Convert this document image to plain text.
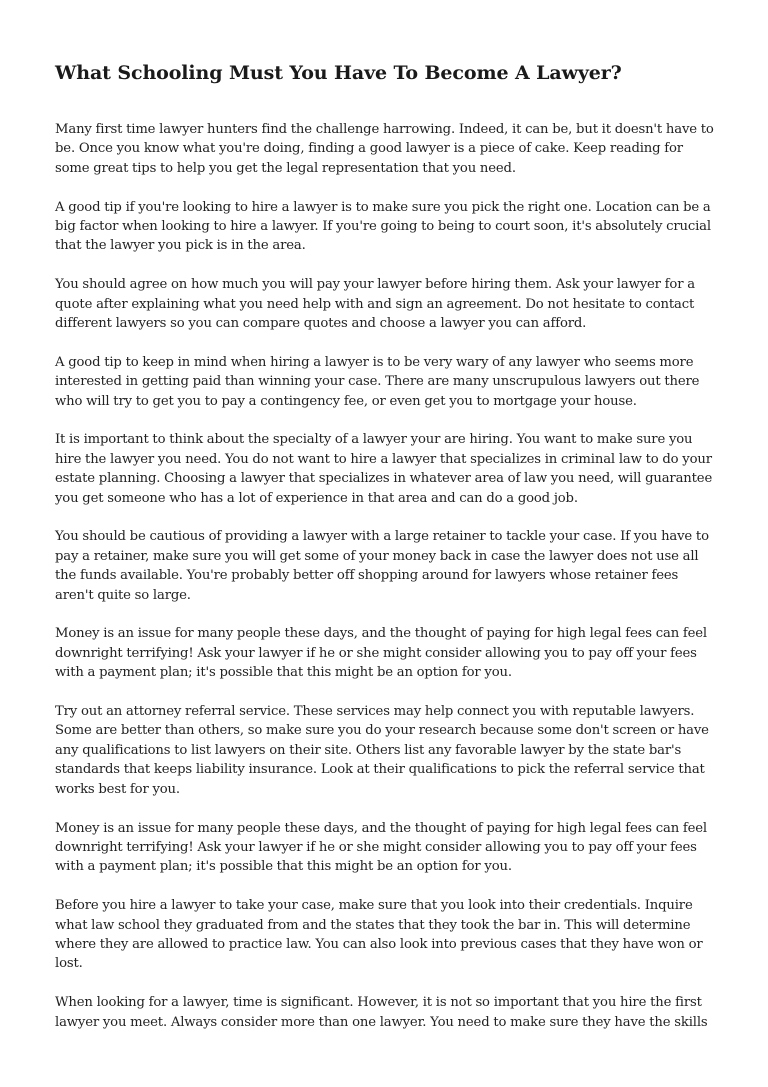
What Schooling Must You Have To Become A Lawyer?

Many first time lawyer hunters find the challenge harrowing. Indeed, it can be, but it doesn't have to be. Once you know what you're doing, finding a good lawyer is a piece of cake. Keep reading for some great tips to help you get the legal representation that you need.

A good tip if you're looking to hire a lawyer is to make sure you pick the right one. Location can be a big factor when looking to hire a lawyer. If you're going to being to court soon, it's absolutely crucial that the lawyer you pick is in the area.

You should agree on how much you will pay your lawyer before hiring them. Ask your lawyer for a quote after explaining what you need help with and sign an agreement. Do not hesitate to contact different lawyers so you can compare quotes and choose a lawyer you can afford.

A good tip to keep in mind when hiring a lawyer is to be very wary of any lawyer who seems more interested in getting paid than winning your case. There are many unscrupulous lawyers out there who will try to get you to pay a contingency fee, or even get you to mortgage your house.

It is important to think about the specialty of a lawyer your are hiring. You want to make sure you hire the lawyer you need. You do not want to hire a lawyer that specializes in criminal law to do your estate planning. Choosing a lawyer that specializes in whatever area of law you need, will guarantee you get someone who has a lot of experience in that area and can do a good job.

You should be cautious of providing a lawyer with a large retainer to tackle your case. If you have to pay a retainer, make sure you will get some of your money back in case the lawyer does not use all the funds available. You're probably better off shopping around for lawyers whose retainer fees aren't quite so large.

Money is an issue for many people these days, and the thought of paying for high legal fees can feel downright terrifying! Ask your lawyer if he or she might consider allowing you to pay off your fees with a payment plan; it's possible that this might be an option for you.

Try out an attorney referral service. These services may help connect you with reputable lawyers. Some are better than others, so make sure you do your research because some don't screen or have any qualifications to list lawyers on their site. Others list any favorable lawyer by the state bar's standards that keeps liability insurance. Look at their qualifications to pick the referral service that works best for you.

Money is an issue for many people these days, and the thought of paying for high legal fees can feel downright terrifying! Ask your lawyer if he or she might consider allowing you to pay off your fees with a payment plan; it's possible that this might be an option for you.

Before you hire a lawyer to take your case, make sure that you look into their credentials. Inquire what law school they graduated from and the states that they took the bar in. This will determine where they are allowed to practice law. You can also look into previous cases that they have won or lost.

When looking for a lawyer, time is significant. However, it is not so important that you hire the first lawyer you meet. Always consider more than one lawyer. You need to make sure they have the skills
